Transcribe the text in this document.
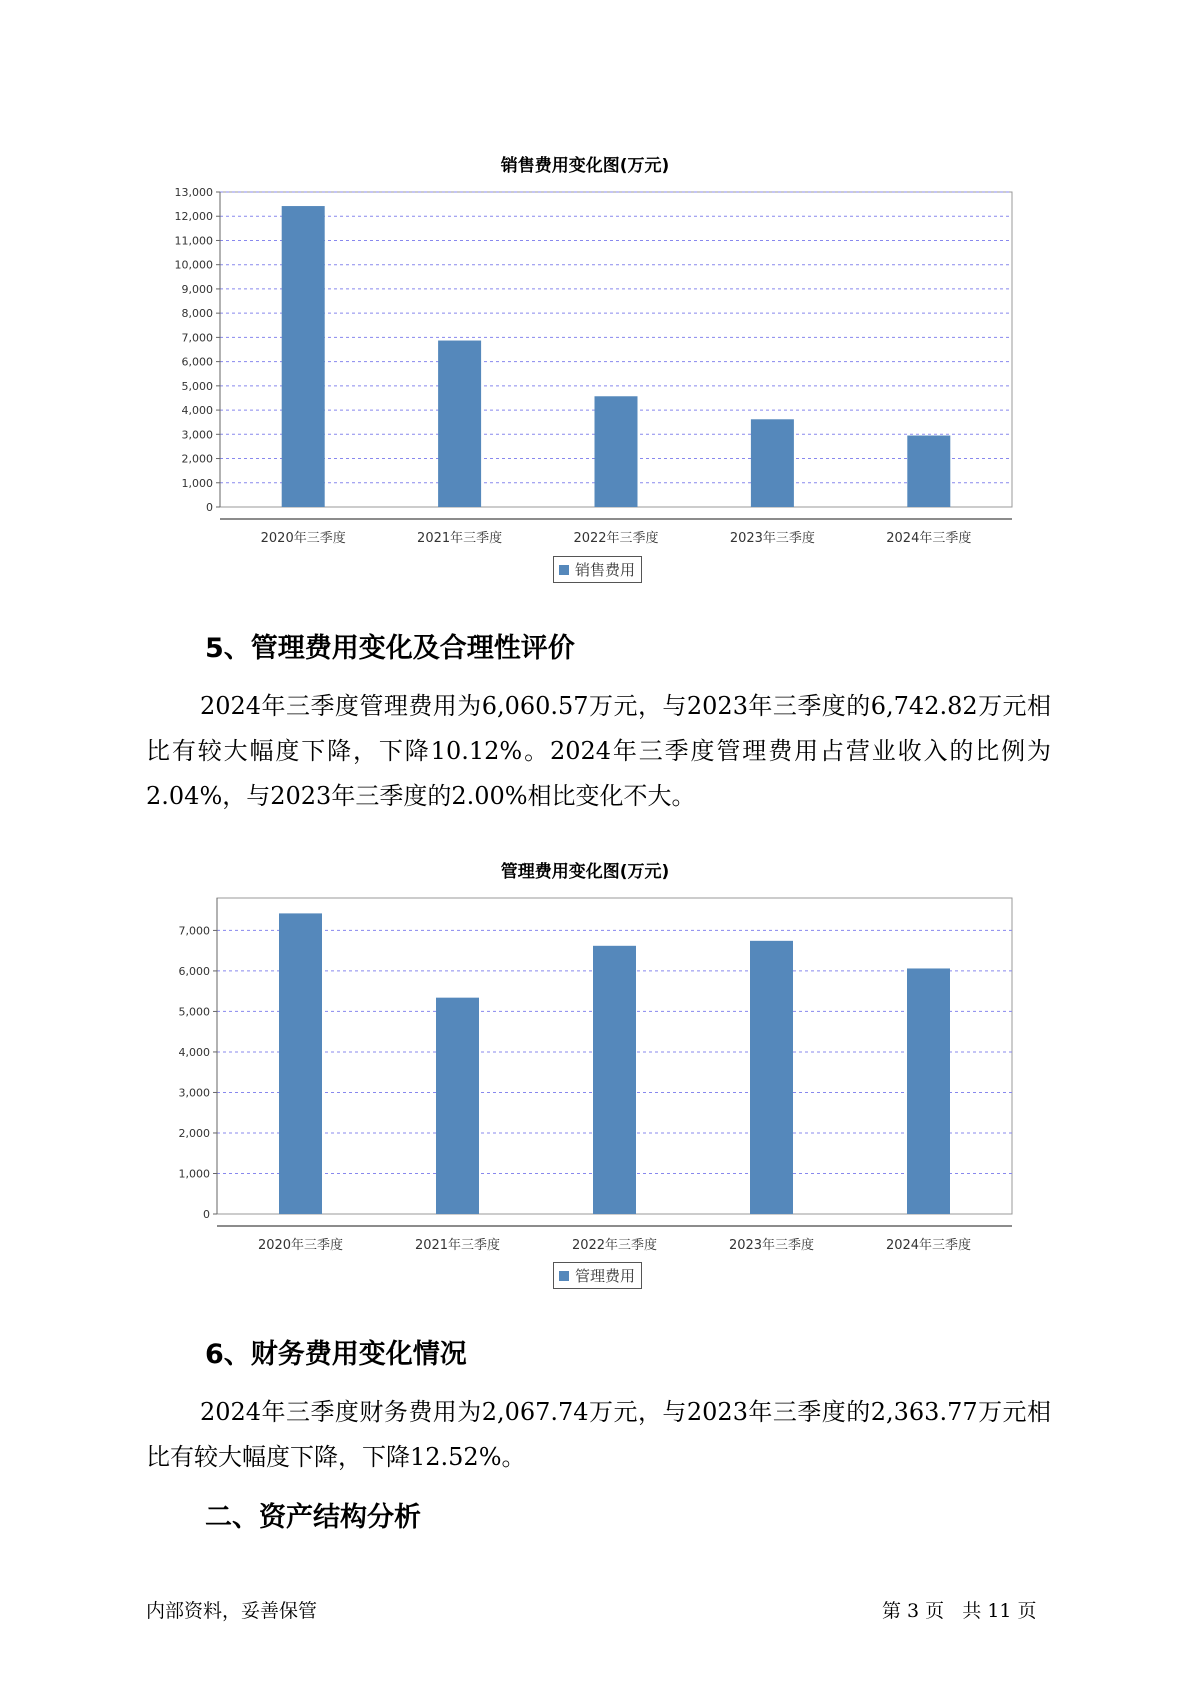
销售费用变化图(万元)
0
1,000
2,000
3,000
4,000
5,000
6,000
7,000
8,000
9,000
10,000
11,000
12,000
13,000
2020年三季度	2021年三季度	2022年三季度	2023年三季度	2024年三季度
销售费用
5、管理费用变化及合理性评价
2024年三季度管理费用为6,060.57万元，与2023年三季度的6,742.82万元相比有较大幅度下降，下降10.12%。2024年三季度管理费用占营业收入的比例为2.04%，与2023年三季度的2.00%相比变化不大。
管理费用变化图(万元)
0
1,000
2,000
3,000
4,000
5,000
6,000
7,000
2020年三季度	2021年三季度	2022年三季度	2023年三季度	2024年三季度
管理费用
6、财务费用变化情况
2024年三季度财务费用为2,067.74万元，与2023年三季度的2,363.77万元相比有较大幅度下降，下降12.52%。
二、资产结构分析
内部资料，妥善保管	第 3 页   共 11 页
